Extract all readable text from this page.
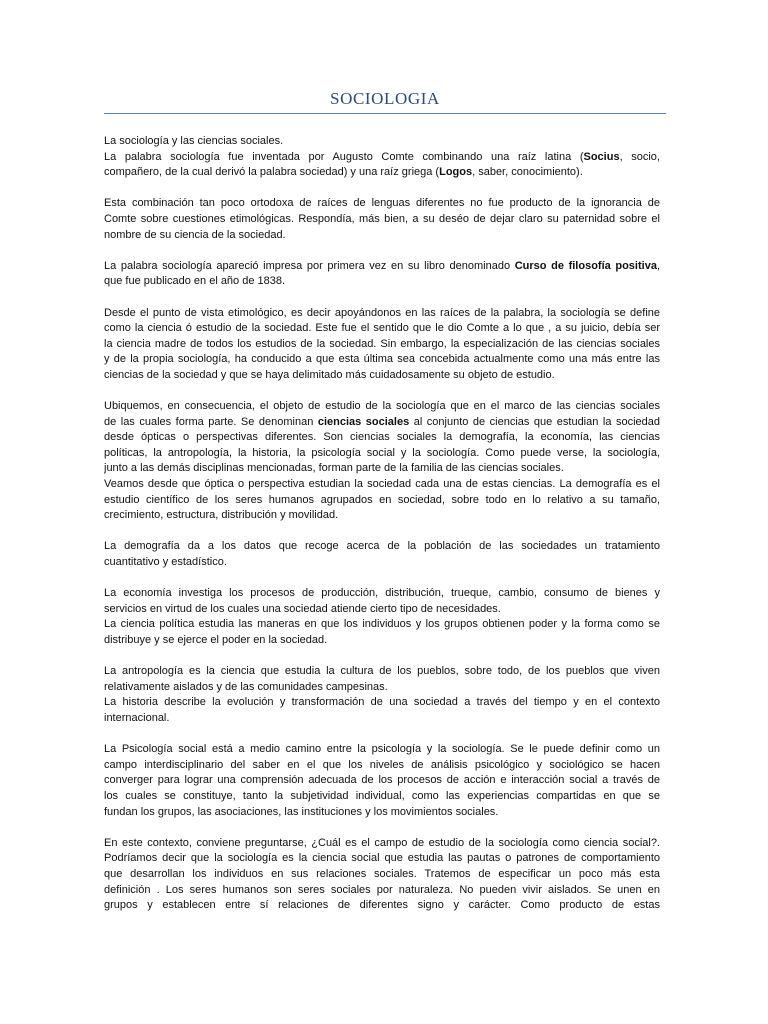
SOCIOLOGIA
La sociología y las ciencias sociales.
La palabra sociología fue inventada por Augusto Comte combinando una raíz latina (Socius, socio,
compañero, de la cual derivó la palabra sociedad) y una raíz griega (Logos, saber, conocimiento).
Esta combinación tan poco ortodoxa de raíces de lenguas diferentes no fue producto de la ignorancia de
Comte sobre cuestiones etimológicas. Respondía, más bien, a su deséo de dejar claro su paternidad sobre el
nombre de su ciencia de la sociedad.
La palabra sociología apareció impresa por primera vez en su libro denominado Curso de filosofía positiva,
que fue publicado en el año de 1838.
Desde el punto de vista etimológico, es decir apoyándonos en las raíces de la palabra, la sociología se define
como la ciencia ó estudio de la sociedad. Este fue el sentido que le dio Comte a lo que , a su juicio, debía ser
la ciencia madre de todos los estudios de la sociedad. Sin embargo, la especialización de las ciencias sociales
y de la propia sociología, ha conducido a que esta última sea concebida actualmente como una más entre las
ciencias de la sociedad y que se haya delimitado más cuidadosamente su objeto de estudio.
Ubiquemos, en consecuencia, el objeto de estudio de la sociología que en el marco de las ciencias sociales
de las cuales forma parte. Se denominan ciencias sociales al conjunto de ciencias que estudian la sociedad
desde ópticas o perspectivas diferentes. Son ciencias sociales la demografía, la economía, las ciencias
políticas, la antropología, la historia, la psicología social y la sociología. Como puede verse, la sociología,
junto a las demás disciplinas mencionadas, forman parte de la familia de las ciencias sociales.
Veamos desde que óptica o perspectiva estudian la sociedad cada una de estas ciencias. La demografía es el
estudio científico de los seres humanos agrupados en sociedad, sobre todo en lo relativo a su tamaño,
crecimiento, estructura, distribución y movilidad.
La demografía da a los datos que recoge acerca de la población de las sociedades un tratamiento
cuantitativo y estadístico.
La economía investiga los procesos de producción, distribución, trueque, cambio, consumo de bienes y
servicios en virtud de los cuales una sociedad atiende cierto tipo de necesidades.
La ciencia política estudia las maneras en que los individuos y los grupos obtienen poder y la forma como se
distribuye y se ejerce el poder en la sociedad.
La antropología es la ciencia que estudia la cultura de los pueblos, sobre todo, de los pueblos que viven
relativamente aislados y de las comunidades campesinas.
La historia describe la evolución y transformación de una sociedad a través del tiempo y en el contexto
internacional.
La Psicología social está a medio camino entre la psicología y la sociología. Se le puede definir como un
campo interdisciplinario del saber en el que los niveles de análisis psicológico y sociológico se hacen
converger para lograr una comprensión adecuada de los procesos de acción e interacción social a través de
los cuales se constituye, tanto la subjetividad individual, como las experiencias compartidas en que se
fundan los grupos, las asociaciones, las instituciones y los movimientos sociales.
En este contexto, conviene preguntarse, ¿Cuál es el campo de estudio de la sociología como ciencia social?.
Podríamos decir que la sociología es la ciencia social que estudia las pautas o patrones de comportamiento
que desarrollan los individuos en sus relaciones sociales. Tratemos de especificar un poco más esta
definición . Los seres humanos son seres sociales por naturaleza. No pueden vivir aislados. Se unen en
grupos y establecen entre sí relaciones de diferentes signo y carácter. Como producto de estas
